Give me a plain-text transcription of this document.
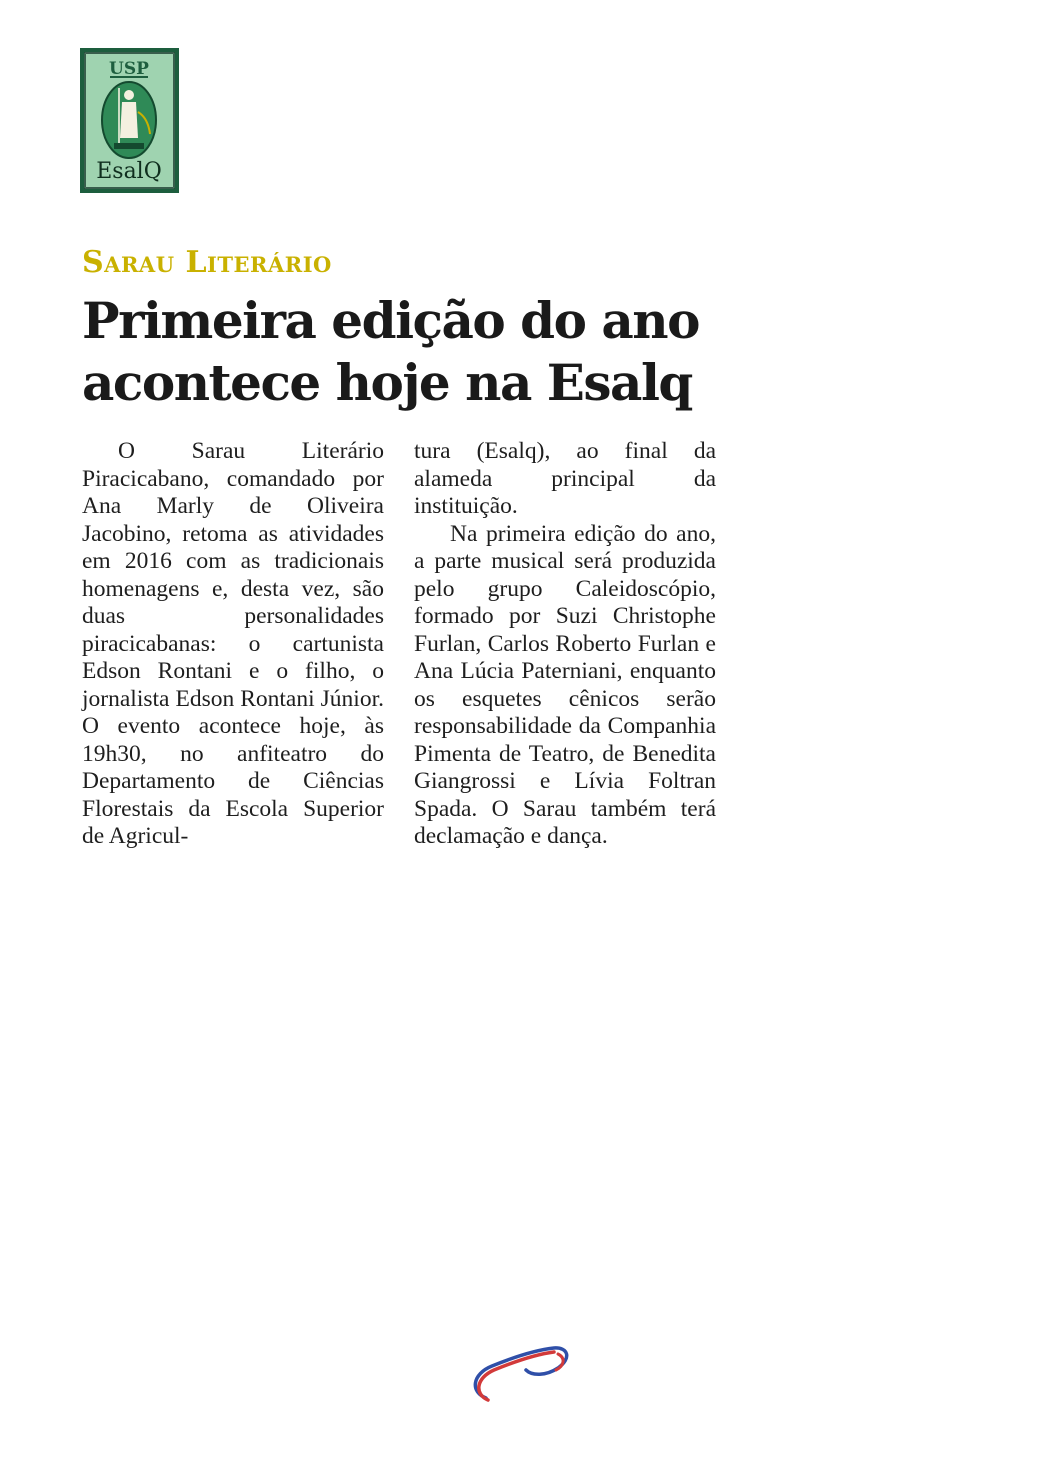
USP
EsalQ
Sarau Literário
Primeira edição do ano acontece hoje na Esalq

O Sarau Literário Piracicabano, comandado por Ana Marly de Oliveira Jacobino, retoma as atividades em 2016 com as tradicionais homenagens e, desta vez, são duas personalidades piracicabanas: o cartunista Edson Rontani e o filho, o jornalista Edson Rontani Júnior. O evento acontece hoje, às 19h30, no anfiteatro do Departamento de Ciências Florestais da Escola Superior de Agricul-

tura (Esalq), ao final da alameda principal da instituição.

Na primeira edição do ano, a parte musical será produzida pelo grupo Caleidoscópio, formado por Suzi Christophe Furlan, Carlos Roberto Furlan e Ana Lúcia Paterniani, enquanto os esquetes cênicos serão responsabilidade da Companhia Pimenta de Teatro, de Benedita Giangrossi e Lívia Foltran Spada. O Sarau também terá declamação e dança.
